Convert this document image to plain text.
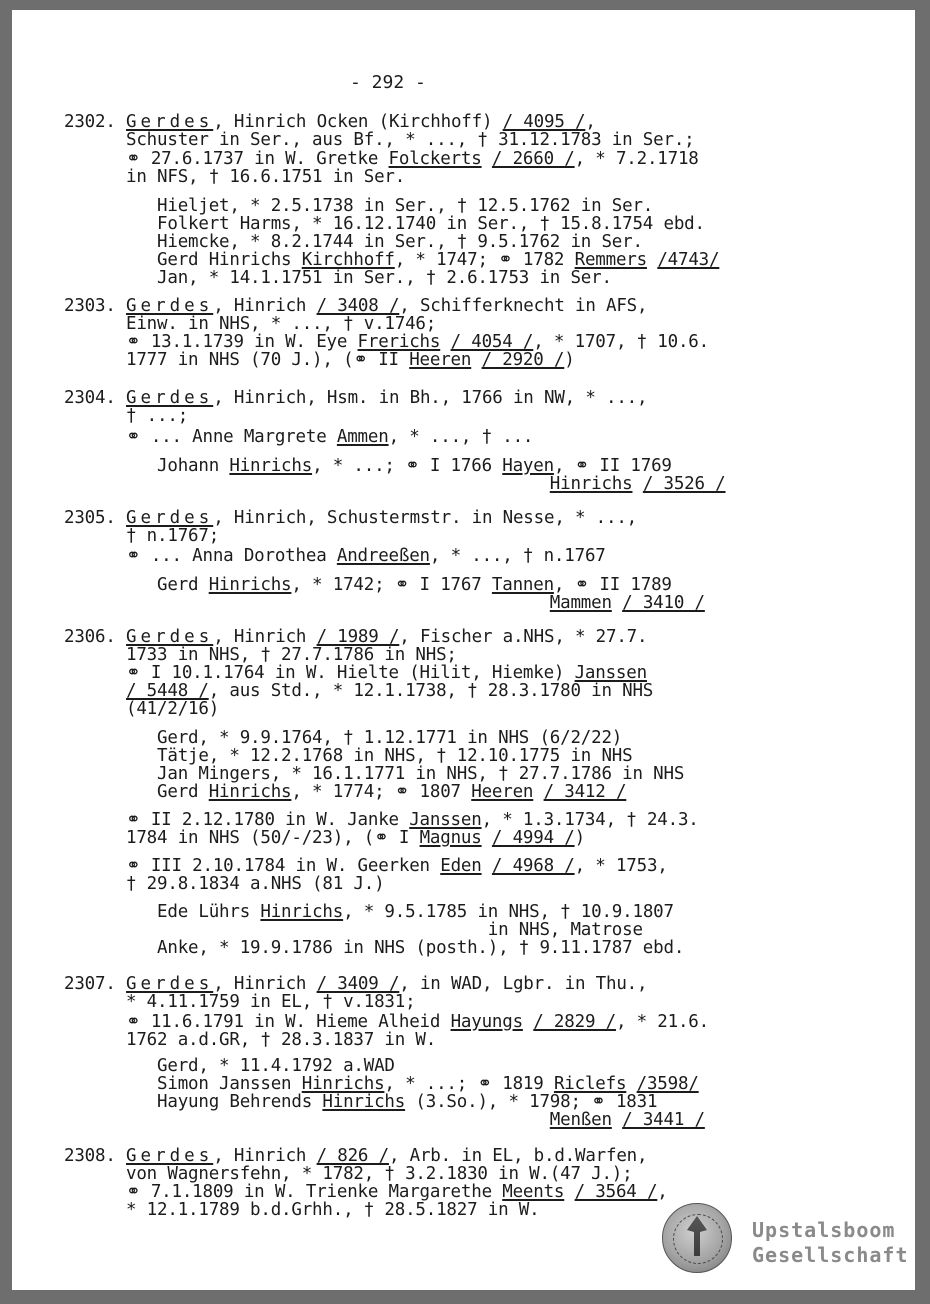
- 292 -
2302. Gerdes, Hinrich Ocken (Kirchhoff) / 4095 /,
Schuster in Ser., aus Bf., * ..., † 31.12.1783 in Ser.;
⚭ 27.6.1737 in W. Gretke Folckerts / 2660 /, * 7.2.1718
in NFS, † 16.6.1751 in Ser.
Hieljet, * 2.5.1738 in Ser., † 12.5.1762 in Ser.
Folkert Harms, * 16.12.1740 in Ser., † 15.8.1754 ebd.
Hiemcke, * 8.2.1744 in Ser., † 9.5.1762 in Ser.
Gerd Hinrichs Kirchhoff, * 1747; ⚭ 1782 Remmers /4743/
Jan, * 14.1.1751 in Ser., † 2.6.1753 in Ser.
2303. Gerdes, Hinrich / 3408 /, Schifferknecht in AFS,
Einw. in NHS, * ..., † v.1746;
⚭ 13.1.1739 in W. Eye Frerichs / 4054 /, * 1707, † 10.6.
1777 in NHS (70 J.), (⚭ II Heeren / 2920 /)
2304. Gerdes, Hinrich, Hsm. in Bh., 1766 in NW, * ...,
† ...;
⚭ ... Anne Margrete Ammen, * ..., † ...
Johann Hinrichs, * ...; ⚭ I 1766 Hayen, ⚭ II 1769
Hinrichs / 3526 /
2305. Gerdes, Hinrich, Schustermstr. in Nesse, * ...,
† n.1767;
⚭ ... Anna Dorothea Andreeßen, * ..., † n.1767
Gerd Hinrichs, * 1742; ⚭ I 1767 Tannen, ⚭ II 1789
Mammen / 3410 /
2306. Gerdes, Hinrich / 1989 /, Fischer a.NHS, * 27.7.
1733 in NHS, † 27.7.1786 in NHS;
⚭ I 10.1.1764 in W. Hielte (Hilit, Hiemke) Janssen
/ 5448 /, aus Std., * 12.1.1738, † 28.3.1780 in NHS
(41/2/16)
Gerd, * 9.9.1764, † 1.12.1771 in NHS (6/2/22)
Tätje, * 12.2.1768 in NHS, † 12.10.1775 in NHS
Jan Mingers, * 16.1.1771 in NHS, † 27.7.1786 in NHS
Gerd Hinrichs, * 1774; ⚭ 1807 Heeren / 3412 /
⚭ II 2.12.1780 in W. Janke Janssen, * 1.3.1734, † 24.3.
1784 in NHS (50/-/23), (⚭ I Magnus / 4994 /)
⚭ III 2.10.1784 in W. Geerken Eden / 4968 /, * 1753,
† 29.8.1834 a.NHS (81 J.)
Ede Lührs Hinrichs, * 9.5.1785 in NHS, † 10.9.1807
in NHS, Matrose
Anke, * 19.9.1786 in NHS (posth.), † 9.11.1787 ebd.
2307. Gerdes, Hinrich / 3409 /, in WAD, Lgbr. in Thu.,
* 4.11.1759 in EL, † v.1831;
⚭ 11.6.1791 in W. Hieme Alheid Hayungs / 2829 /, * 21.6.
1762 a.d.GR, † 28.3.1837 in W.
Gerd, * 11.4.1792 a.WAD
Simon Janssen Hinrichs, * ...; ⚭ 1819 Riclefs /3598/
Hayung Behrends Hinrichs (3.So.), * 1798; ⚭ 1831
Menßen / 3441 /
2308. Gerdes, Hinrich / 826 /, Arb. in EL, b.d.Warfen,
von Wagnersfehn, * 1782, † 3.2.1830 in W.(47 J.);
⚭ 7.1.1809 in W. Trienke Margarethe Meents / 3564 /,
* 12.1.1789 b.d.Grhh., † 28.5.1827 in W.
Upstalsboom
Gesellschaft
